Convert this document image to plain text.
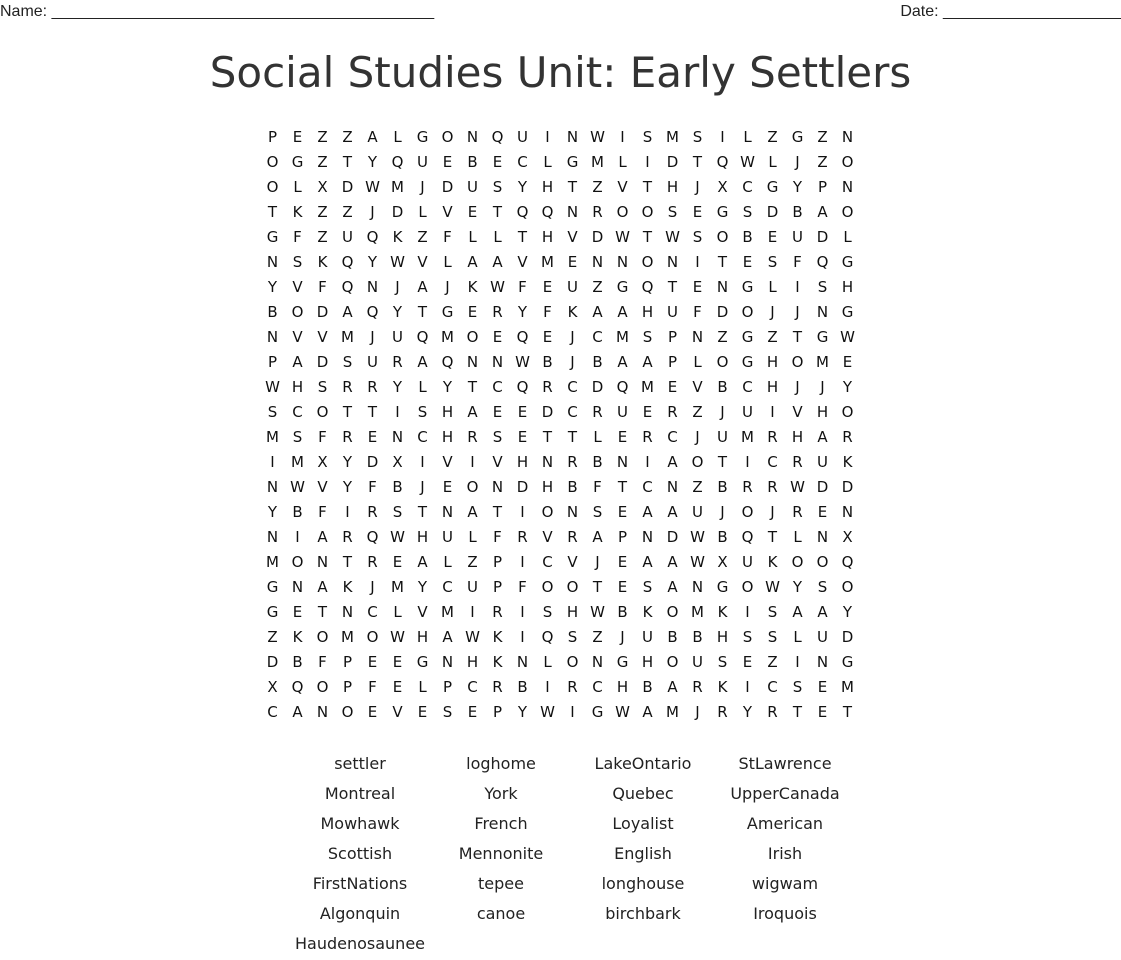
Name: ___________________________________________	Date: ____________________
Social Studies Unit: Early Settlers
P	E	Z Z A	L	G O N Q U	I	N W	I	S M S	I	L	Z G Z N
O G Z	T	Y Q U E	B	E	C	L	G M L	I	D T Q W L	J	Z O
O L	X D W M	J	D U S	Y H T	Z V	T H	J	X C G Y	P N
T	K Z Z	J	D	L	V	E	T Q Q N R O O S	E G S D B A O
G F	Z U Q K Z	F	L	L	T H V D W T W S O B	E U D	L
N S	K Q Y W V	L	A A V M E N N O N	I	T	E	S	F Q G
Y	V	F Q N	J	A	J	K W F	E U Z G Q T	E N G	L	I	S H
B O D A Q Y	T G E	R	Y	F	K A A H U	F D O	J	J	N G
N V V M	J	U Q M O E Q E	J	C M S	P N Z G Z	T G W
P	A D S U R A Q N N W B	J	B A A	P	L O G H O M E
W H S	R R	Y	L	Y	T	C Q R C D Q M E	V B C H	J	J	Y
S C O T	T	I	S H A	E	E D C R U E	R Z	J	U	I	V H O
M S	F	R	E N C H R	S	E	T	T	L	E	R C	J	U M R H A R
I	M X	Y D X	I	V	I	V H N R B N	I	A O T	I	C R U K
N W V	Y	F	B	J	E O N D H B	F	T	C N Z B R R W D D
Y	B	F	I	R	S	T N A	T	I	O N S	E	A A U	J	O	J	R	E N
N	I	A R Q W H U	L	F	R V R A	P N D W B Q T	L	N X
M O N T	R	E	A	L	Z	P	I	C V	J	E	A A W X U K O O Q
G N A K	J	M Y	C U P	F O O T	E	S	A N G O W Y	S O
G E	T N C	L	V M	I	R	I	S H W B K O M K	I	S	A A	Y
Z K O M O W H A W K	I	Q S	Z	J	U B B H S	S	L	U D
D B	F	P	E	E G N H K N	L O N G H O U S	E	Z	I	N G
X Q O P	F	E	L	P	C R B	I	R C H B A R K	I	C	S	E M
C A N O E	V	E	S	E	P	Y W	I	G W A M	J	R	Y	R	T	E	T
settler	loghome	LakeOntario	StLawrence
Montreal	York	Quebec	UpperCanada
Mowhawk	French	Loyalist	American
Scottish	Mennonite	English	Irish
FirstNations	tepee	longhouse	wigwam
Algonquin	canoe	birchbark	Iroquois
Haudenosaunee
